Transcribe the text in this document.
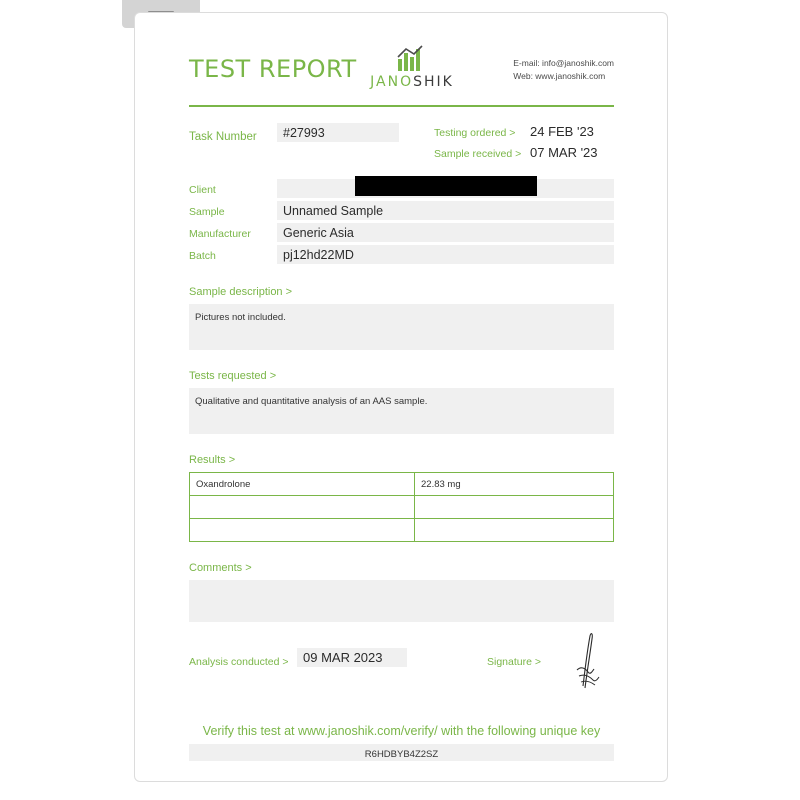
TEST REPORT JANOSHIK
E-mail: info@janoshik.com
Web: www.janoshik.com
Task Number #27993	Testing ordered > 24 FEB '23
Sample received > 07 MAR '23
Client
Sample	Unnamed Sample
Manufacturer	Generic Asia
Batch	pj12hd22MD
Sample description >
Pictures not included.
Tests requested >
Qualitative and quantitative analysis of an AAS sample.
Results >
Oxandrolone	22.83 mg

Comments >
Analysis conducted > 09 MAR 2023	Signature >
Verify this test at www.janoshik.com/verify/ with the following unique key
R6HDBYB4Z2SZ
